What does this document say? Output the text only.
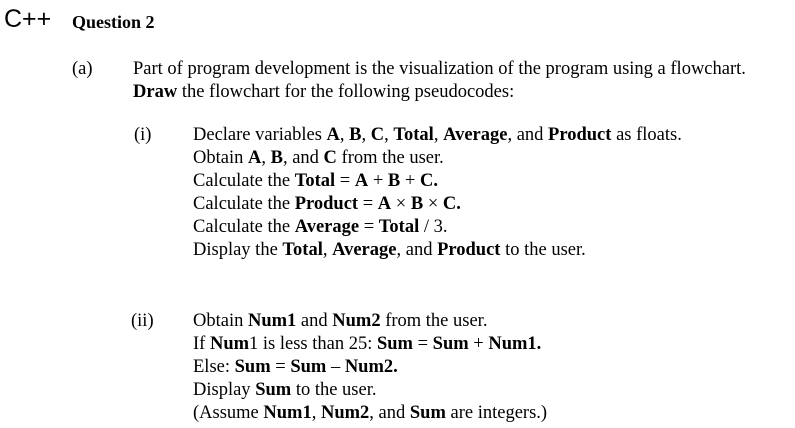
C++ Question 2
(a) Part of program development is the visualization of the program using a flowchart.
Draw the flowchart for the following pseudocodes:
(i) Declare variables A, B, C, Total, Average, and Product as floats.
Obtain A, B, and C from the user.
Calculate the Total = A + B + C.
Calculate the Product = A × B × C.
Calculate the Average = Total / 3.
Display the Total, Average, and Product to the user.
(ii) Obtain Num1 and Num2 from the user.
If Num1 is less than 25: Sum = Sum + Num1.
Else: Sum = Sum – Num2.
Display Sum to the user.
(Assume Num1, Num2, and Sum are integers.)
